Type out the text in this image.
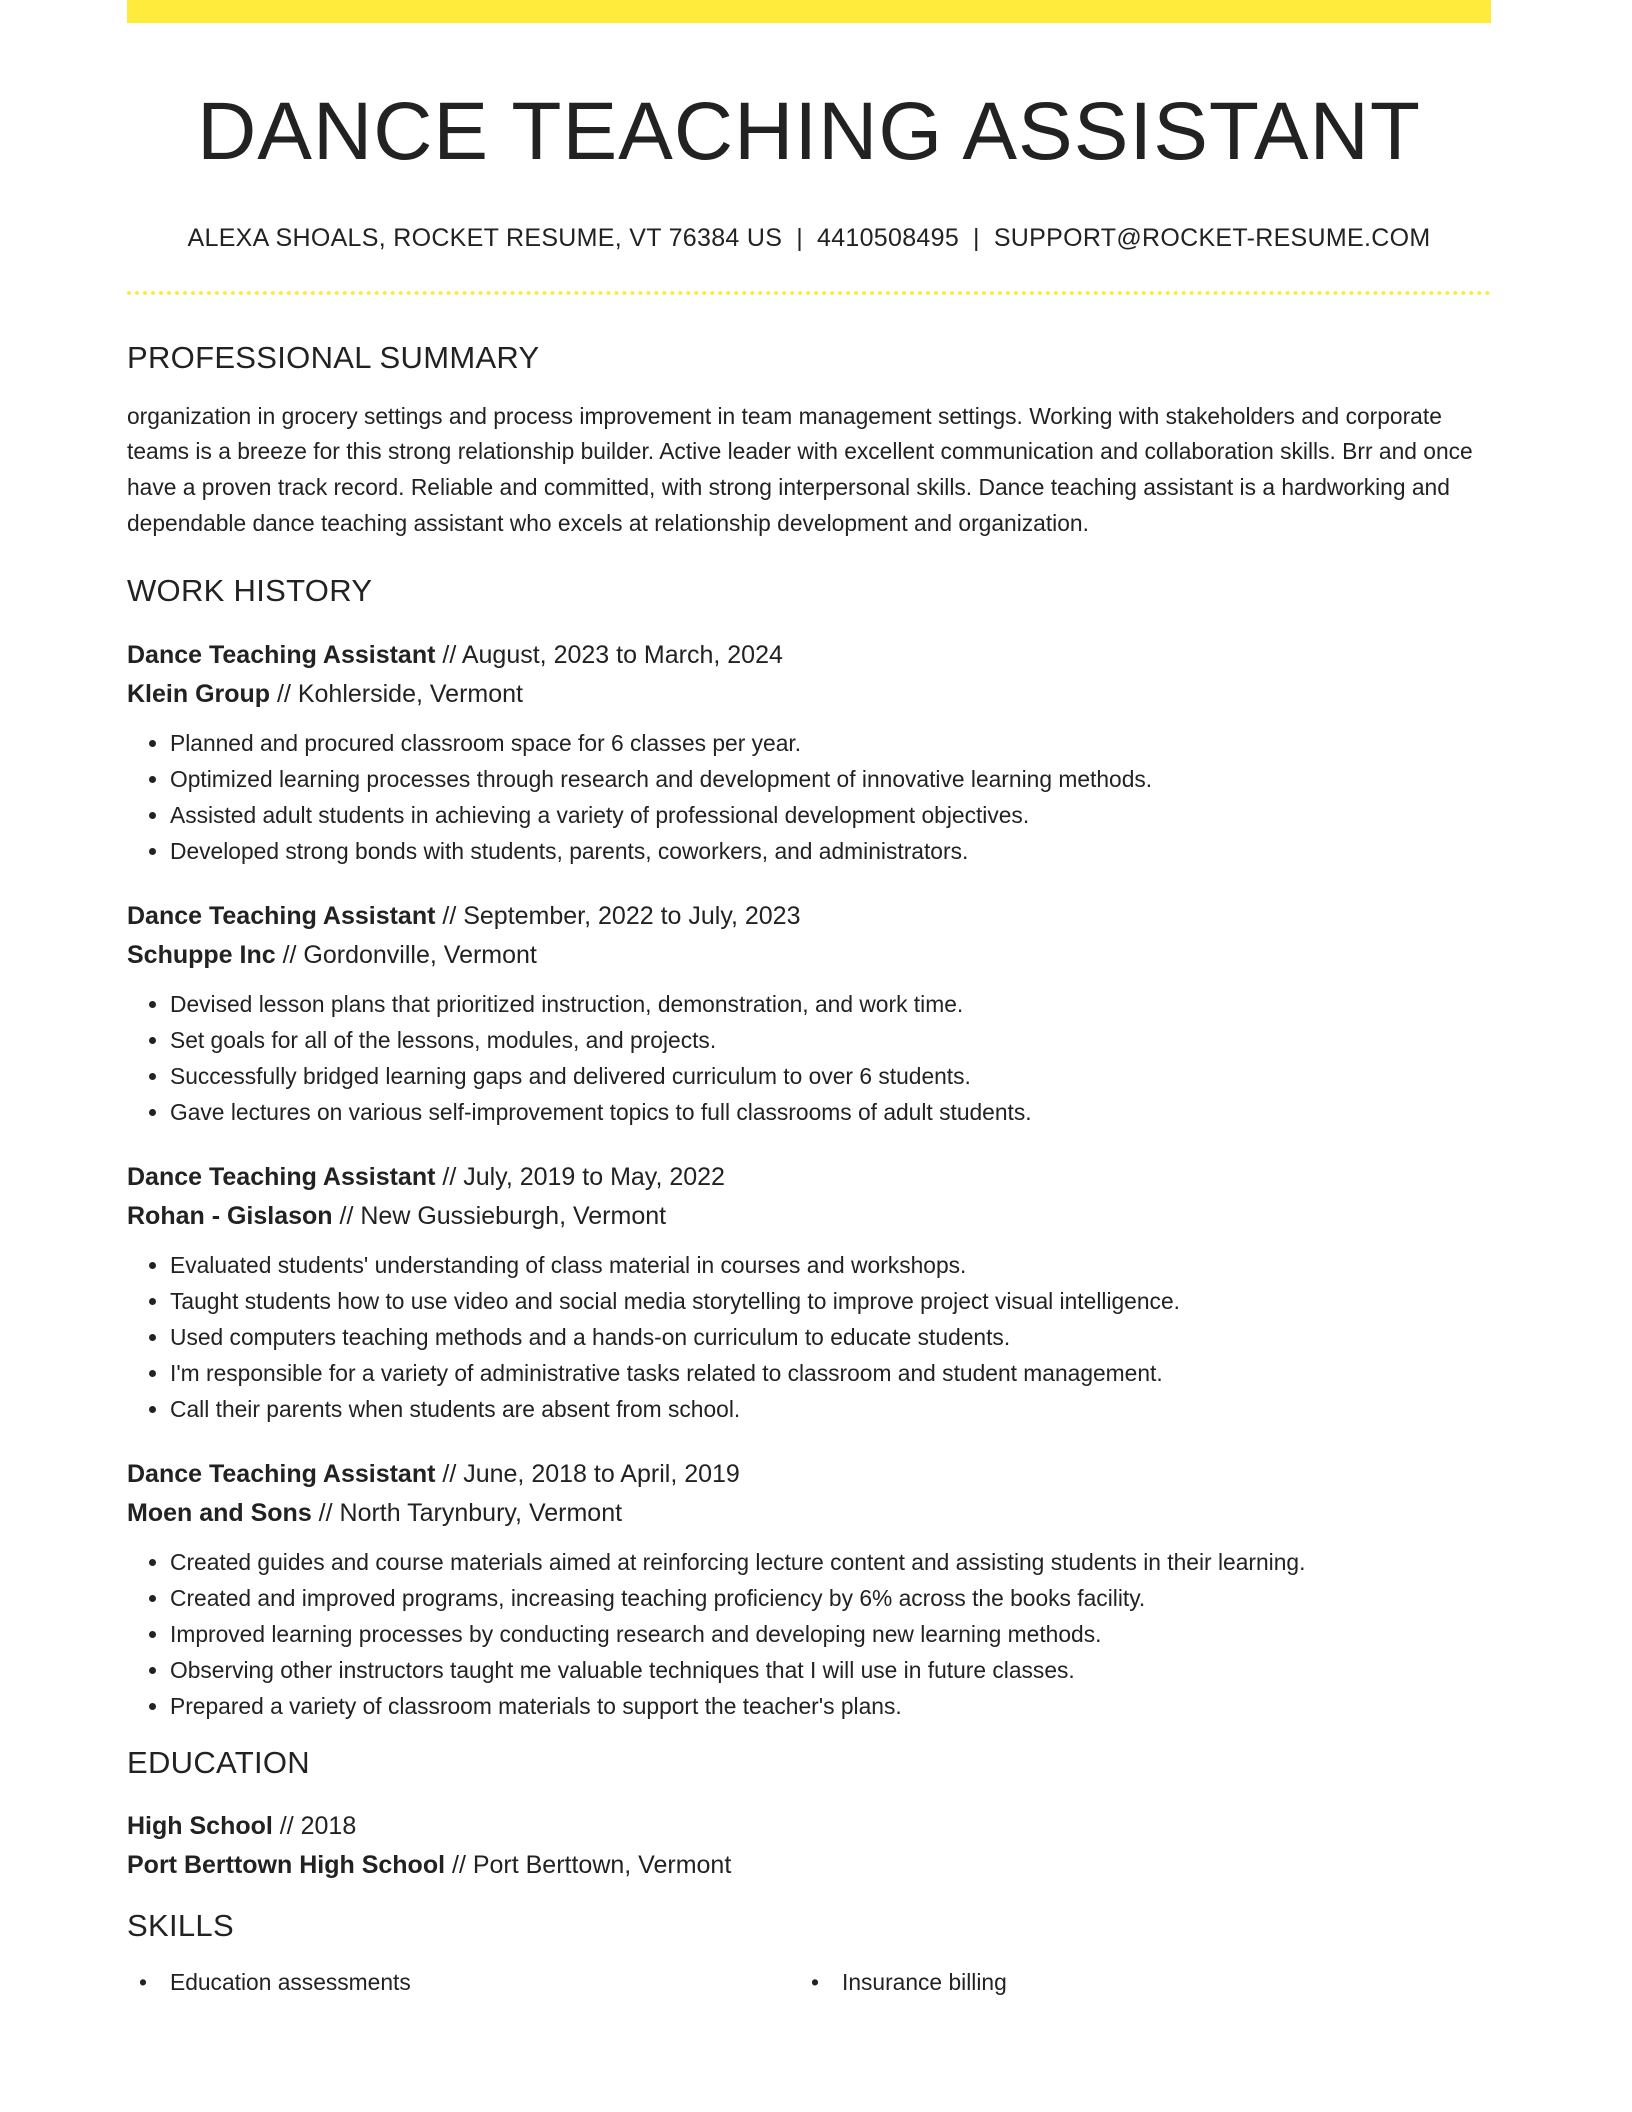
DANCE TEACHING ASSISTANT
ALEXA SHOALS, ROCKET RESUME, VT 76384 US | 4410508495 | SUPPORT@ROCKET-RESUME.COM
PROFESSIONAL SUMMARY

organization in grocery settings and process improvement in team management settings. Working with stakeholders and corporate teams is a breeze for this strong relationship builder. Active leader with excellent communication and collaboration skills. Brr and once have a proven track record. Reliable and committed, with strong interpersonal skills. Dance teaching assistant is a hardworking and dependable dance teaching assistant who excels at relationship development and organization.

WORK HISTORY
Dance Teaching Assistant // August, 2023 to March, 2024
Klein Group // Kohlerside, Vermont
• Planned and procured classroom space for 6 classes per year.
• Optimized learning processes through research and development of innovative learning methods.
• Assisted adult students in achieving a variety of professional development objectives.
• Developed strong bonds with students, parents, coworkers, and administrators.
Dance Teaching Assistant // September, 2022 to July, 2023
Schuppe Inc // Gordonville, Vermont
• Devised lesson plans that prioritized instruction, demonstration, and work time.
• Set goals for all of the lessons, modules, and projects.
• Successfully bridged learning gaps and delivered curriculum to over 6 students.
• Gave lectures on various self-improvement topics to full classrooms of adult students.
Dance Teaching Assistant // July, 2019 to May, 2022
Rohan - Gislason // New Gussieburgh, Vermont
• Evaluated students' understanding of class material in courses and workshops.
• Taught students how to use video and social media storytelling to improve project visual intelligence.
• Used computers teaching methods and a hands-on curriculum to educate students.
• I'm responsible for a variety of administrative tasks related to classroom and student management.
• Call their parents when students are absent from school.
Dance Teaching Assistant // June, 2018 to April, 2019
Moen and Sons // North Tarynbury, Vermont
• Created guides and course materials aimed at reinforcing lecture content and assisting students in their learning.
• Created and improved programs, increasing teaching proficiency by 6% across the books facility.
• Improved learning processes by conducting research and developing new learning methods.
• Observing other instructors taught me valuable techniques that I will use in future classes.
• Prepared a variety of classroom materials to support the teacher's plans.
EDUCATION
High School // 2018
Port Berttown High School // Port Berttown, Vermont
SKILLS
• Education assessments
•	Insurance billing
